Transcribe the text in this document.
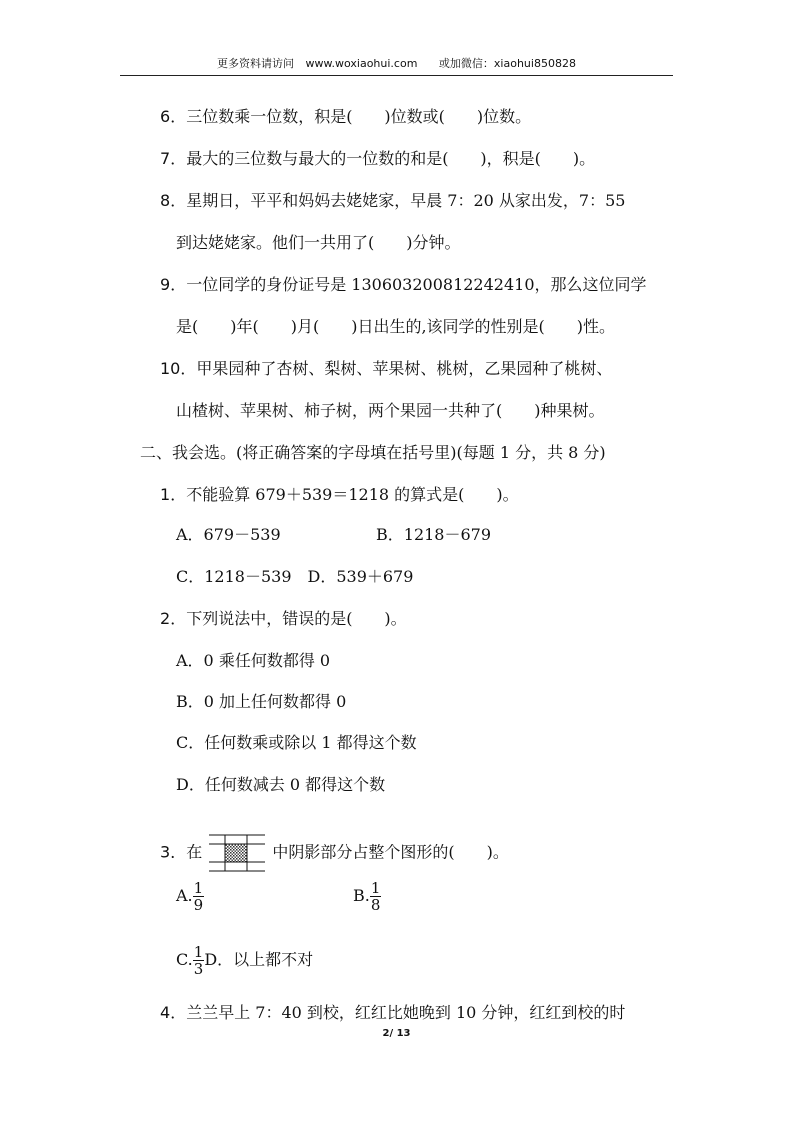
更多资料请访问 www.woxiaohui.com 或加微信：xiaohui850828
6．三位数乘一位数，积是(　　)位数或(　　)位数。
7．最大的三位数与最大的一位数的和是(　　)，积是(　　)。
8．星期日，平平和妈妈去姥姥家，早晨 7：20 从家出发，7：55
到达姥姥家。他们一共用了(　　)分钟。
9．一位同学的身份证号是 130603200812242410，那么这位同学
是(　　)年(　　)月(　　)日出生的,该同学的性别是(　　)性。
10．甲果园种了杏树、梨树、苹果树、桃树，乙果园种了桃树、
山楂树、苹果树、柿子树，两个果园一共种了(　　)种果树。
二、我会选。(将正确答案的字母填在括号里)(每题 1 分，共 8 分)
1．不能验算 679＋539＝1218 的算式是(　　)。
A．679－539	B．1218－679
C．1218－539　D．539＋679
2．下列说法中，错误的是(　　)。
A．0 乘任何数都得 0
B．0 加上任何数都得 0
C．任何数乘或除以 1 都得这个数
D．任何数减去 0 都得这个数
3．在	中阴影部分占整个图形的(　　)。
A. $\frac{1}{9}$	B. $\frac{1}{8}$
C. $\frac{1}{3}$ D．以上都不对
4．兰兰早上 7：40 到校，红红比她晚到 10 分钟，红红到校的时
2/ 13
